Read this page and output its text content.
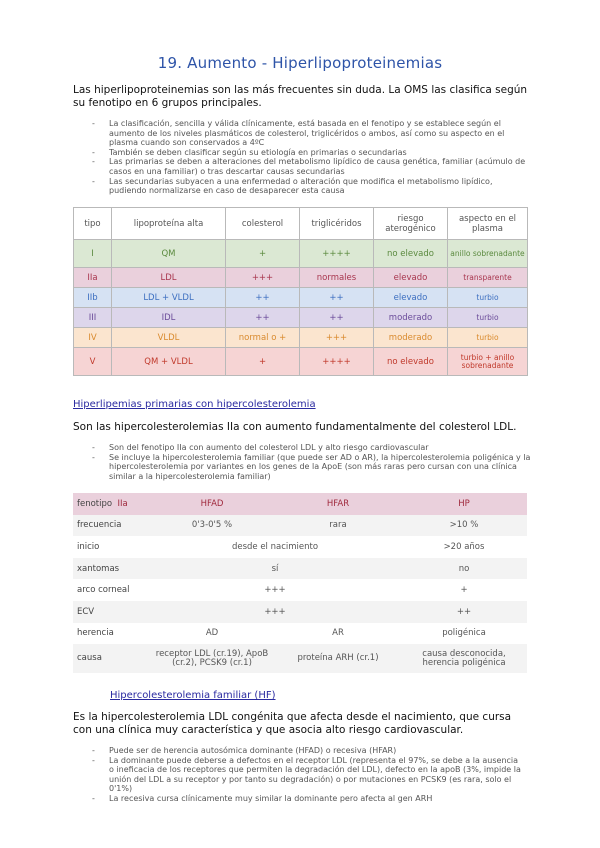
19. Aumento - Hiperlipoproteinemias
Las hiperlipoproteinemias son las más frecuentes sin duda. La OMS las clasifica según su fenotipo en 6 grupos principales.
- La clasificación, sencilla y válida clínicamente, está basada en el fenotipo y se establece según el aumento de los niveles plasmáticos de colesterol, triglicéridos o ambos, así como su aspecto en el plasma cuando son conservados a 4ºC
- También se deben clasificar según su etiología en primarias o secundarias
- Las primarias se deben a alteraciones del metabolismo lipídico de causa genética, familiar (acúmulo de casos en una familiar) o tras descartar causas secundarias
- Las secundarias subyacen a una enfermedad o alteración que modifica el metabolismo lipídico, pudiendo normalizarse en caso de desaparecer esta causa
tipo	lipoproteína alta	colesterol	triglicéridos	riesgo aterogénico	aspecto en el plasma
I	QM	+	++++	no elevado	anillo sobrenadante
IIa	LDL	+++	normales	elevado	transparente
IIb	LDL + VLDL	++	++	elevado	turbio
III	IDL	++	++	moderado	turbio
IV	VLDL	normal o +	+++	moderado	turbio
V	QM + VLDL	+	++++	no elevado	turbio + anillo sobrenadante
Hiperlipemias primarias con hipercolesterolemia
Son las hipercolesterolemias IIa con aumento fundamentalmente del colesterol LDL.
- Son del fenotipo IIa con aumento del colesterol LDL y alto riesgo cardiovascular
- Se incluye la hipercolesterolemia familiar (que puede ser AD o AR), la hipercolesterolemia poligénica y la hipercolesterolemia por variantes en los genes de la ApoE (son más raras pero cursan con una clínica similar a la hipercolesterolemia familiar)
fenotipo IIa	HFAD	HFAR	HP
frecuencia	0'3-0'5 %	rara	>10 %
inicio	desde el nacimiento		>20 años
xantomas	sí		no
arco corneal	+++		+
ECV	+++		++
herencia	AD	AR	poligénica
causa	receptor LDL (cr.19), ApoB (cr.2), PCSK9 (cr.1)	proteína ARH (cr.1)	causa desconocida, herencia poligénica
Hipercolesterolemia familiar (HF)
Es la hipercolesterolemia LDL congénita que afecta desde el nacimiento, que cursa con una clínica muy característica y que asocia alto riesgo cardiovascular.
- Puede ser de herencia autosómica dominante (HFAD) o recesiva (HFAR)
- La dominante puede deberse a defectos en el receptor LDL (representa el 97%, se debe a la ausencia o ineficacia de los receptores que permiten la degradación del LDL), defecto en la apoB (3%, impide la unión del LDL a su receptor y por tanto su degradación) o por mutaciones en PCSK9 (es rara, solo el 0'1%)
- La recesiva cursa clínicamente muy similar la dominante pero afecta al gen ARH
